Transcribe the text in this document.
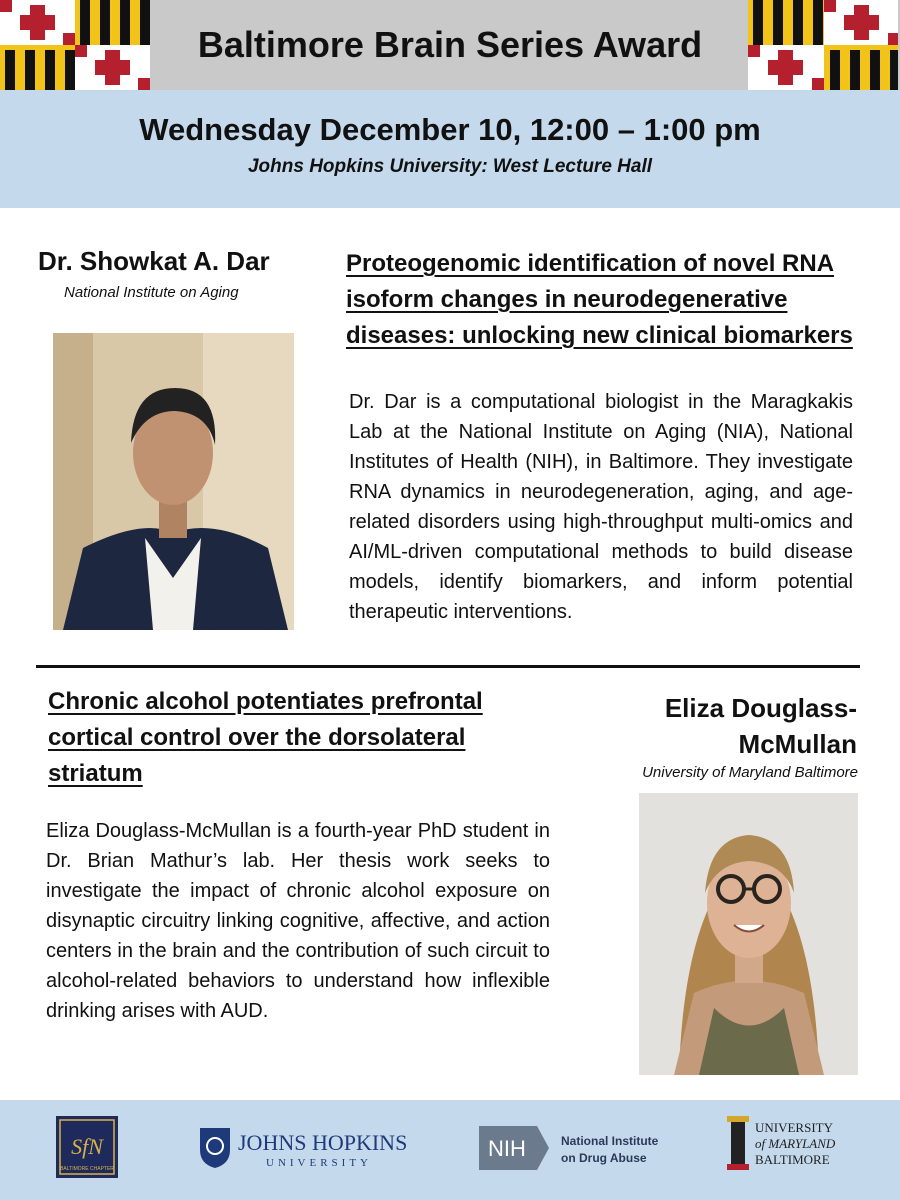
Baltimore Brain Series Award
Wednesday December 10, 12:00 – 1:00 pm
Johns Hopkins University: West Lecture Hall
Dr. Showkat A. Dar
National Institute on Aging
Proteogenomic identification of novel RNA isoform changes in neurodegenerative diseases: unlocking new clinical biomarkers
Dr. Dar is a computational biologist in the Maragkakis Lab at the National Institute on Aging (NIA), National Institutes of Health (NIH), in Baltimore. They investigate RNA dynamics in neurodegeneration, aging, and age-related disorders using high-throughput multi-omics and AI/ML-driven computational methods to build disease models, identify biomarkers, and inform potential therapeutic interventions.
Chronic alcohol potentiates prefrontal cortical control over the dorsolateral striatum
Eliza Douglass-McMullan is a fourth-year PhD student in Dr. Brian Mathur’s lab. Her thesis work seeks to investigate the impact of chronic alcohol exposure on disynaptic circuitry linking cognitive, affective, and action centers in the brain and the contribution of such circuit to alcohol-related behaviors to understand how inflexible drinking arises with AUD.
Eliza Douglass-
McMullan
University of Maryland Baltimore
SfN
BALTIMORE CHAPTER
JOHNS HOPKINS
UNIVERSITY
NIH	National Institute
on Drug Abuse
UNIVERSITY
of MARYLAND
BALTIMORE
